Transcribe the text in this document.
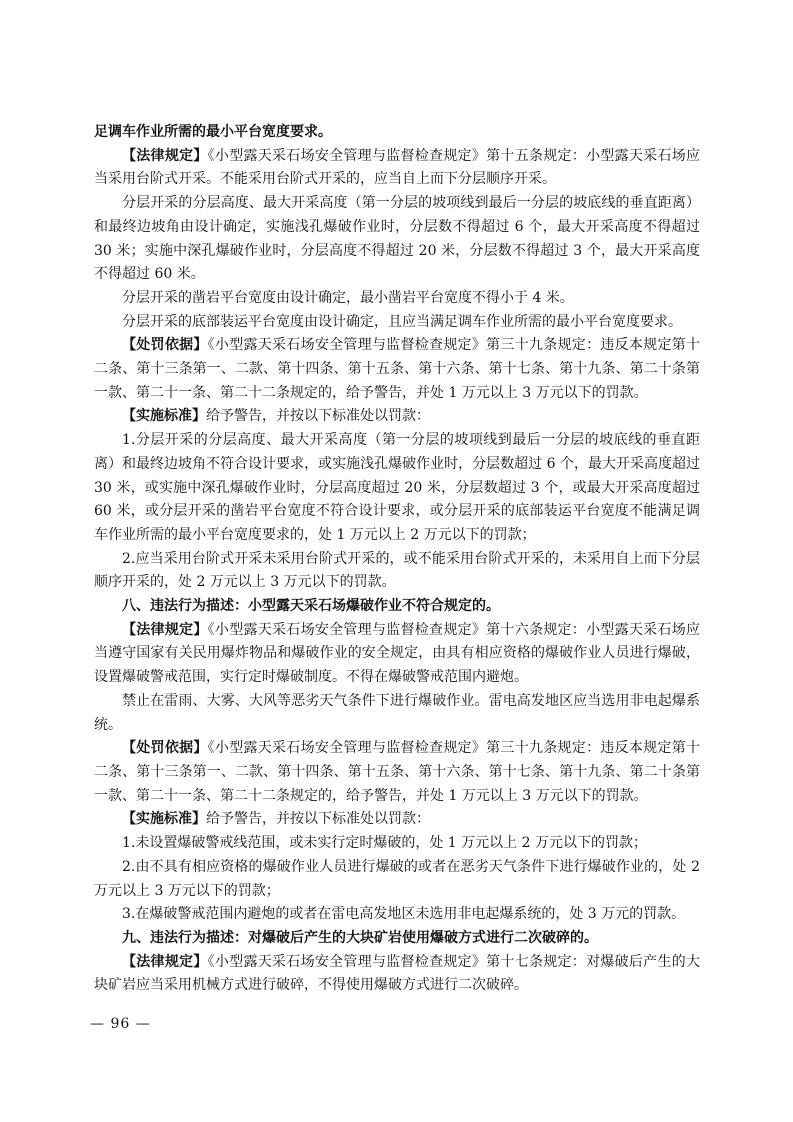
足调车作业所需的最小平台宽度要求。

【法律规定】《小型露天采石场安全管理与监督检查规定》第十五条规定：小型露天采石场应当采用台阶式开采。不能采用台阶式开采的，应当自上而下分层顺序开采。

分层开采的分层高度、最大开采高度（第一分层的坡项线到最后一分层的坡底线的垂直距离）和最终边坡角由设计确定，实施浅孔爆破作业时，分层数不得超过 6 个，最大开采高度不得超过 30 米；实施中深孔爆破作业时，分层高度不得超过 20 米，分层数不得超过 3 个，最大开采高度不得超过 60 米。

分层开采的凿岩平台宽度由设计确定，最小凿岩平台宽度不得小于 4 米。

分层开采的底部装运平台宽度由设计确定，且应当满足调车作业所需的最小平台宽度要求。

【处罚依据】《小型露天采石场安全管理与监督检查规定》第三十九条规定：违反本规定第十二条、第十三条第一、二款、第十四条、第十五条、第十六条、第十七条、第十九条、第二十条第一款、第二十一条、第二十二条规定的，给予警告，并处 1 万元以上 3 万元以下的罚款。

【实施标准】给予警告，并按以下标准处以罚款：

1.分层开采的分层高度、最大开采高度（第一分层的坡项线到最后一分层的坡底线的垂直距离）和最终边坡角不符合设计要求，或实施浅孔爆破作业时，分层数超过 6 个，最大开采高度超过 30 米，或实施中深孔爆破作业时，分层高度超过 20 米，分层数超过 3 个，或最大开采高度超过 60 米，或分层开采的凿岩平台宽度不符合设计要求，或分层开采的底部装运平台宽度不能满足调车作业所需的最小平台宽度要求的，处 1 万元以上 2 万元以下的罚款；

2.应当采用台阶式开采未采用台阶式开采的，或不能采用台阶式开采的，未采用自上而下分层顺序开采的，处 2 万元以上 3 万元以下的罚款。

八、违法行为描述：小型露天采石场爆破作业不符合规定的。

【法律规定】《小型露天采石场安全管理与监督检查规定》第十六条规定：小型露天采石场应当遵守国家有关民用爆炸物品和爆破作业的安全规定，由具有相应资格的爆破作业人员进行爆破，设置爆破警戒范围，实行定时爆破制度。不得在爆破警戒范围内避炮。

禁止在雷雨、大雾、大风等恶劣天气条件下进行爆破作业。雷电高发地区应当选用非电起爆系统。

【处罚依据】《小型露天采石场安全管理与监督检查规定》第三十九条规定：违反本规定第十二条、第十三条第一、二款、第十四条、第十五条、第十六条、第十七条、第十九条、第二十条第一款、第二十一条、第二十二条规定的，给予警告，并处 1 万元以上 3 万元以下的罚款。

【实施标准】给予警告，并按以下标准处以罚款：

1.未设置爆破警戒线范围，或未实行定时爆破的，处 1 万元以上 2 万元以下的罚款；

2.由不具有相应资格的爆破作业人员进行爆破的或者在恶劣天气条件下进行爆破作业的，处 2 万元以上 3 万元以下的罚款；

3.在爆破警戒范围内避炮的或者在雷电高发地区未选用非电起爆系统的，处 3 万元的罚款。

九、违法行为描述：对爆破后产生的大块矿岩使用爆破方式进行二次破碎的。

【法律规定】《小型露天采石场安全管理与监督检查规定》第十七条规定：对爆破后产生的大块矿岩应当采用机械方式进行破碎，不得使用爆破方式进行二次破碎。

— 96 —
